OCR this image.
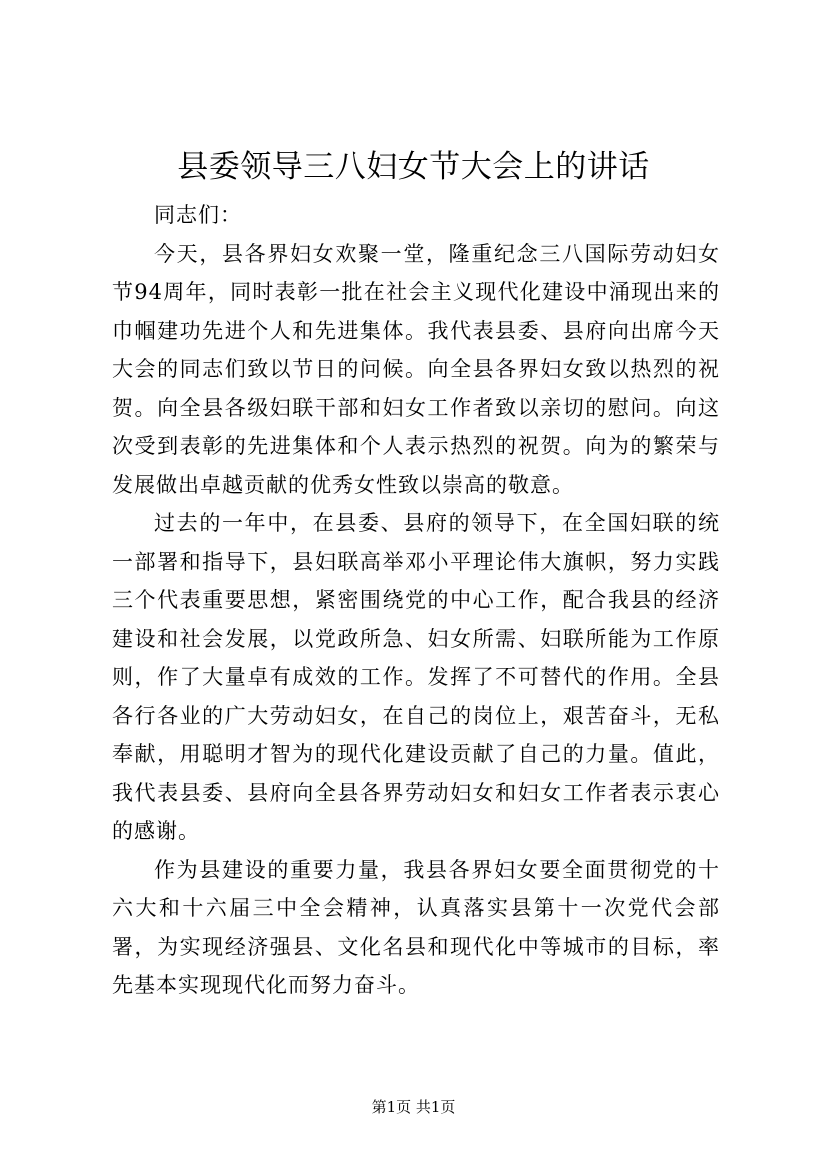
县委领导三八妇女节大会上的讲话

同志们：

今天，县各界妇女欢聚一堂，隆重纪念三八国际劳动妇女节94周年，同时表彰一批在社会主义现代化建设中涌现出来的巾帼建功先进个人和先进集体。我代表县委、县府向出席今天大会的同志们致以节日的问候。向全县各界妇女致以热烈的祝贺。向全县各级妇联干部和妇女工作者致以亲切的慰问。向这次受到表彰的先进集体和个人表示热烈的祝贺。向为的繁荣与发展做出卓越贡献的优秀女性致以崇高的敬意。

过去的一年中，在县委、县府的领导下，在全国妇联的统一部署和指导下，县妇联高举邓小平理论伟大旗帜，努力实践三个代表重要思想，紧密围绕党的中心工作，配合我县的经济建设和社会发展，以党政所急、妇女所需、妇联所能为工作原则，作了大量卓有成效的工作。发挥了不可替代的作用。全县各行各业的广大劳动妇女，在自己的岗位上，艰苦奋斗，无私奉献，用聪明才智为的现代化建设贡献了自己的力量。值此，我代表县委、县府向全县各界劳动妇女和妇女工作者表示衷心的感谢。

作为县建设的重要力量，我县各界妇女要全面贯彻党的十六大和十六届三中全会精神，认真落实县第十一次党代会部署，为实现经济强县、文化名县和现代化中等城市的目标，率先基本实现现代化而努力奋斗。

第1页 共1页
